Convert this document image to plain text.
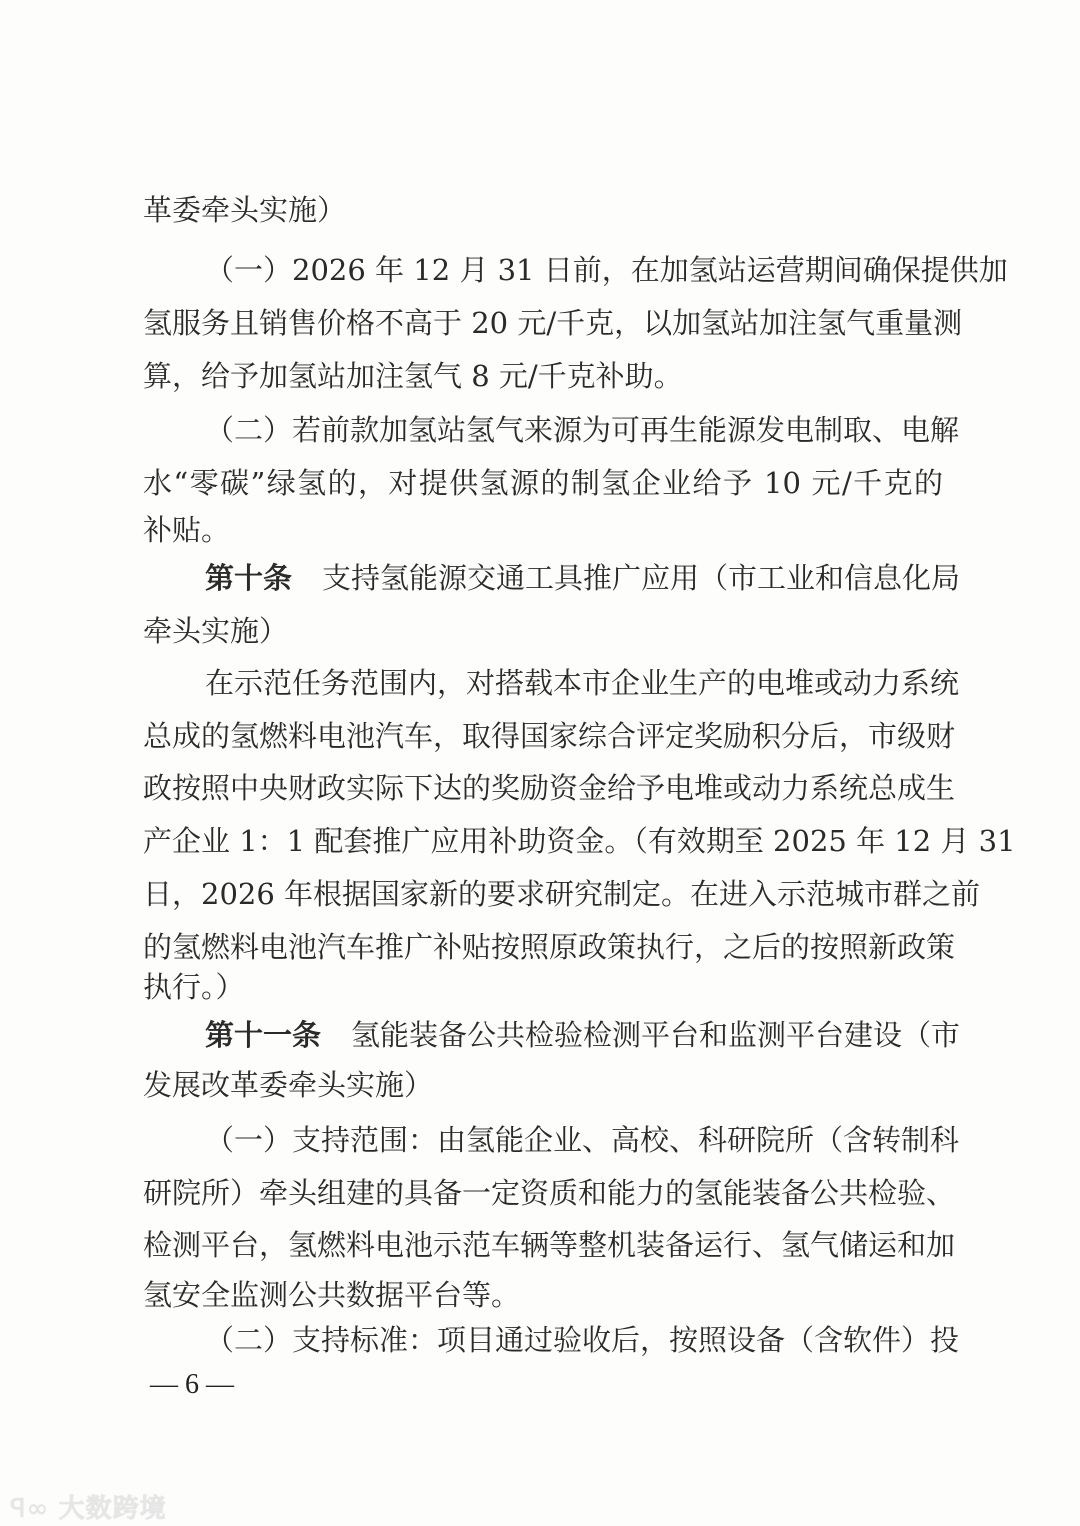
革委牵头实施）
（一）2026 年 12 月 31 日前，在加氢站运营期间确保提供加
氢服务且销售价格不高于 20 元/千克，以加氢站加注氢气重量测
算，给予加氢站加注氢气 8 元/千克补助。
（二）若前款加氢站氢气来源为可再生能源发电制取、电解
水“零碳”绿氢的，对提供氢源的制氢企业给予 10 元/千克的
补贴。
第十条 支持氢能源交通工具推广应用（市工业和信息化局
牵头实施）
在示范任务范围内，对搭载本市企业生产的电堆或动力系统
总成的氢燃料电池汽车，取得国家综合评定奖励积分后，市级财
政按照中央财政实际下达的奖励资金给予电堆或动力系统总成生
产企业 1：1 配套推广应用补助资金。（有效期至 2025 年 12 月 31
日，2026 年根据国家新的要求研究制定。在进入示范城市群之前
的氢燃料电池汽车推广补贴按照原政策执行，之后的按照新政策
执行。）
第十一条 氢能装备公共检验检测平台和监测平台建设（市
发展改革委牵头实施）
（一）支持范围：由氢能企业、高校、科研院所（含转制科
研院所）牵头组建的具备一定资质和能力的氢能装备公共检验、
检测平台，氢燃料电池示范车辆等整机装备运行、氢气储运和加
氢安全监测公共数据平台等。
（二）支持标准：项目通过验收后，按照设备（含软件）投
— 6 —
ꟼ∞ 大数跨境
